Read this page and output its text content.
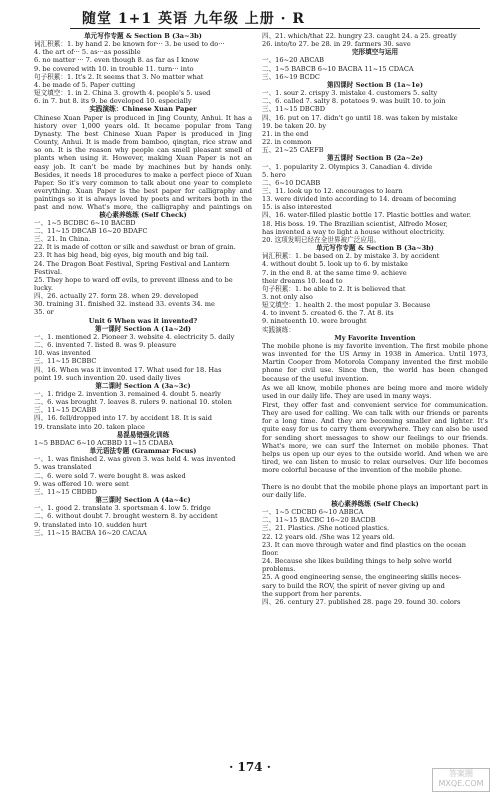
随堂 1+1 英语 九年级 上册 · R
单元写作专题 & Section B (3a~3b)
词汇积累：1. by hand 2. be known for··· 3. be used to do···
4. the art of··· 5. as···as possible
6. no matter ··· 7. even though 8. as far as I know
9. be covered with 10. in trouble 11. turn··· into
句子积累：1. It's 2. It seems that 3. No matter what
4. be made of 5. Paper cutting
短文填空：1. in 2. China 3. growth 4. people's 5. used
6. in 7. but 8. its 9. be developed 10. especially
实践演练：Chinese Xuan Paper
Chinese Xuan Paper is produced in Jing County, Anhui. It has a history over 1,000 years old. It became popular from Tang Dynasty. The best Chinese Xuan Paper is produced in Jing County, Anhui. It is made from bamboo, qingtan, rice straw and so on. It is the reason why people can smell pleasant smell of plants when using it. However, making Xuan Paper is not an easy job. It can't be made by machines but by hands only. Besides, it needs 18 procedures to make a perfect piece of Xuan Paper. So it's very common to talk about one year to complete everything. Xuan Paper is the best paper for calligraphy and paintings so it is always loved by poets and writers both in the past and now. What's more, the calligraphy and paintings on
核心素养练练 (Self Check)
一、1~5 BCDBC 6~10 BACBD
二、11~15 DBCAB 16~20 BDAFC
三、21. In China.
22. It is made of cotton or silk and sawdust or bran of grain.
23. It has big head, big eyes, big mouth and big tail.
24. The Dragon Boat Festival, Spring Festival and Lantern
Festival.
25. They hope to ward off evils, to prevent illness and to be
lucky.
四、26. actually 27. form 28. when 29. developed
30. training 31. finished 32. instead 33. events 34. me
35. or
Unit 6 When was it invented?
第一课时 Section A (1a~2d)
一、1. mentioned 2. Pioneer 3. website 4. electricity 5. daily
二、6. invented 7. listed 8. was 9. pleasure
10. was invented
三、11~15 BCBBC
四、16. When was it invented 17. What used for 18. Has
point 19. such invention 20. used daily lives
第二课时 Section A (3a~3c)
一、1. fridge 2. invention 3. remained 4. doubt 5. nearly
二、6. was brought 7. leaves 8. rulers 9. national 10. stolen
三、11~15 DCABB
四、16. fell/dropped into 17. by accident 18. It is said
19. translate into 20. taken place
易混易错强化训练
1~5 BBDAC 6~10 ACBBD 11~15 CDABA
单元语法专题 (Grammar Focus)
一、1. was finished 2. was given 3. was held 4. was invented
5. was translated
二、6. were sold 7. were bought 8. was asked
9. was offered 10. were sent
三、11~15 CBDBD
第三课时 Section A (4a~4c)
一、1. good 2. translate 3. sportsman 4. low 5. fridge
二、6. without doubt 7. brought western 8. by accident
9. translated into 10. sudden hurt
三、11~15 BACBA 16~20 CACAA
四、21. which/that 22. hungry 23. caught 24. a 25. greatly
26. into/to 27. be 28. in 29. farmers 30. save
完形填空与运用
一、16~20 ABCAB
二、1~5 BABCB 6~10 BACBA 11~15 CDACA
三、16~19 BCDC
第四课时 Section B (1a~1e)
一、1. sour 2. crispy 3. mistake 4. customers 5. salty
二、6. called 7. salty 8. potatoes 9. was built 10. to join
三、11~15 DBCBD
四、16. put on 17. didn't go until 18. was taken by mistake
19. be taken 20. by
21. in the end
22. in common
五、21~25 CAEFB
第五课时 Section B (2a~2e)
一、1. popularity 2. Olympics 3. Canadian 4. divide
5. hero
二、6~10 DCABB
三、11. look up to 12. encourages to learn
13. were divided into according to 14. dream of becoming
15. is also interested
四、16. water-filled plastic bottle 17. Plastic bottles and water.
18. His boss. 19. The Brazilian scientist, Alfredo Moser,
has invented a way to light a house without electricity.
20. 这项发明已经在全世界被广泛应用。
单元写作专题 & Section B (3a~3b)
词汇积累：1. be based on 2. by mistake 3. by accident
4. without doubt 5. look up to 6. by mistake
7. in the end 8. at the same time 9. achieve
their dreams 10. lead to
句子积累：1. be able to 2. It is believed that
3. not only also
短文填空：1. health 2. the most popular 3. Because
4. to invent 5. created 6. the 7. At 8. its
9. nineteenth 10. were brought
实践演练：
My Favorite Invention
The mobile phone is my favorite invention. The first mobile phone was invented for the US Army in 1938 in America. Until 1973, Martin Cooper from Motorola Company invented the first mobile phone for civil use. Since then, the world has been changed because of the useful invention.
As we all know, mobile phones are being more and more widely used in our daily life. They are used in many ways.
First, they offer fast and convenient service for communication. They are used for calling. We can talk with our friends or parents for a long time. And they are becoming smaller and lighter. It's quite easy for us to carry them everywhere. They can also be used for sending short messages to show our feelings to our friends. What's more, we can surf the Internet on mobile phones. That helps us open up our eyes to the outside world. And when we are tired, we can listen to music to relax ourselves. Our life becomes more colorful because of the invention of the mobile phone.
There is no doubt that the mobile phone plays an important part in our daily life.
核心素养练练 (Self Check)
一、1~5 CDCBD 6~10 ABBCA
二、11~15 BACBC 16~20 BACDB
三、21. Plastics. /She noticed plastics.
22. 12 years old. /She was 12 years old.
23. It can move through water and find plastics on the ocean
floor.
24. Because she likes building things to help solve world
problems.
25. A good engineering sense, the engineering skills neces-
sary to build the ROV, the spirit of never giving up and
the support from her parents.
四、26. century 27. published 28. page 29. found 30. colors
· 174 ·	答案圈 MXQE.COM
